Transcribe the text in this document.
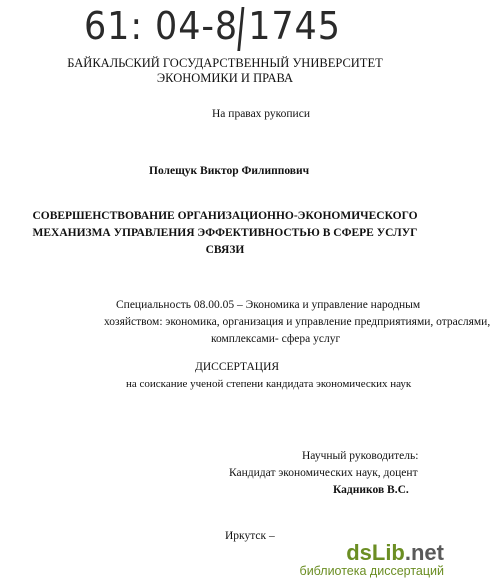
61: 04-8 1745
БАЙКАЛЬСКИЙ ГОСУДАРСТВЕННЫЙ УНИВЕРСИТЕТ
ЭКОНОМИКИ И ПРАВА
На правах рукописи
Полещук Виктор Филиппович
СОВЕРШЕНСТВОВАНИЕ ОРГАНИЗАЦИОННО-ЭКОНОМИЧЕСКОГО
МЕХАНИЗМА УПРАВЛЕНИЯ ЭФФЕКТИВНОСТЬЮ В СФЕРЕ УСЛУГ
СВЯЗИ
Специальность 08.00.05 – Экономика и управление народным
хозяйством: экономика, организация и управление предприятиями, отраслями,
комплексами- сфера услуг
ДИССЕРТАЦИЯ
на соискание ученой степени кандидата экономических наук
Научный руководитель:
Кандидат экономических наук, доцент
Кадников В.С.
Иркутск –
dsLib.net
библиотека диссертаций
